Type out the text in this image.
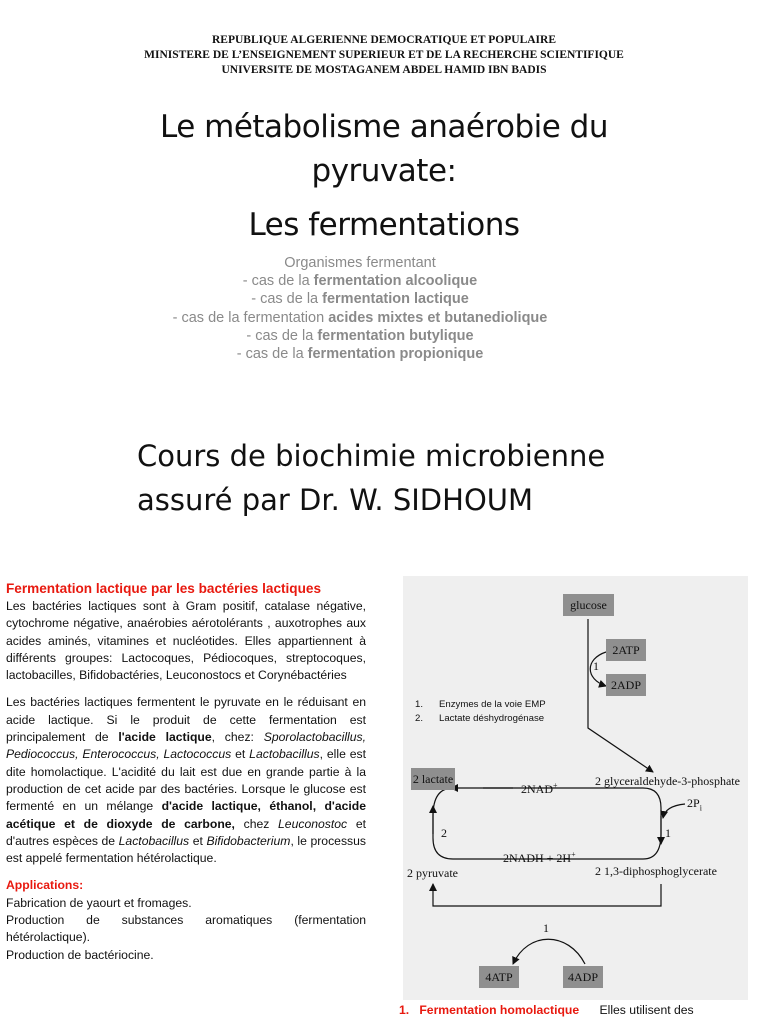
REPUBLIQUE ALGERIENNE DEMOCRATIQUE ET POPULAIRE
MINISTERE DE L’ENSEIGNEMENT SUPERIEUR ET DE LA RECHERCHE SCIENTIFIQUE
UNIVERSITE DE MOSTAGANEM ABDEL HAMID IBN BADIS
Le métabolisme anaérobie du
pyruvate:
Les fermentations
Organismes fermentant
- cas de la fermentation alcoolique
- cas de la fermentation lactique
- cas de la fermentation acides mixtes et butanediolique
- cas de la fermentation butylique
- cas de la fermentation propionique
Cours de biochimie microbienne
assuré par Dr. W. SIDHOUM
Fermentation lactique par les bactéries lactiques

Les bactéries lactiques sont à Gram positif, catalase négative, cytochrome négative, anaérobies aérotolérants , auxotrophes aux acides aminés, vitamines et nucléotides. Elles appartiennent à différents groupes: Lactocoques, Pédiocoques, streptocoques, lactobacilles, Bifidobactéries, Leuconostocs et Corynébactéries

Les bactéries lactiques fermentent le pyruvate en le réduisant en acide lactique. Si le produit de cette fermentation est principalement de l'acide lactique, chez: Sporolactobacillus, Pediococcus, Enterococcus, Lactococcus et Lactobacillus, elle est dite homolactique. L'acidité du lait est due en grande partie à la production de cet acide par des bactéries. Lorsque le glucose est fermenté en un mélange d'acide lactique, éthanol, d'acide acétique et de dioxyde de carbone, chez Leuconostoc et d'autres espèces de Lactobacillus et Bifidobacterium, le processus est appelé fermentation hétérolactique.

Applications:

Fabrication de yaourt et fromages.

Production de substances aromatiques (fermentation hétérolactique).

Production de bactériocine.

glucose
2ATP
2ADP
1
1. Enzymes de la voie EMP
2. Lactate déshydrogénase
2 lactate	2 glyceraldehyde-3-phosphate
2NAD+
$2P_i$
2	1
2NADH + 2H+
2 pyruvate	2 1,3-diphosphoglycerate
1
4ATP	4ADP
1. Fermentation homolactique Elles utilisent des
